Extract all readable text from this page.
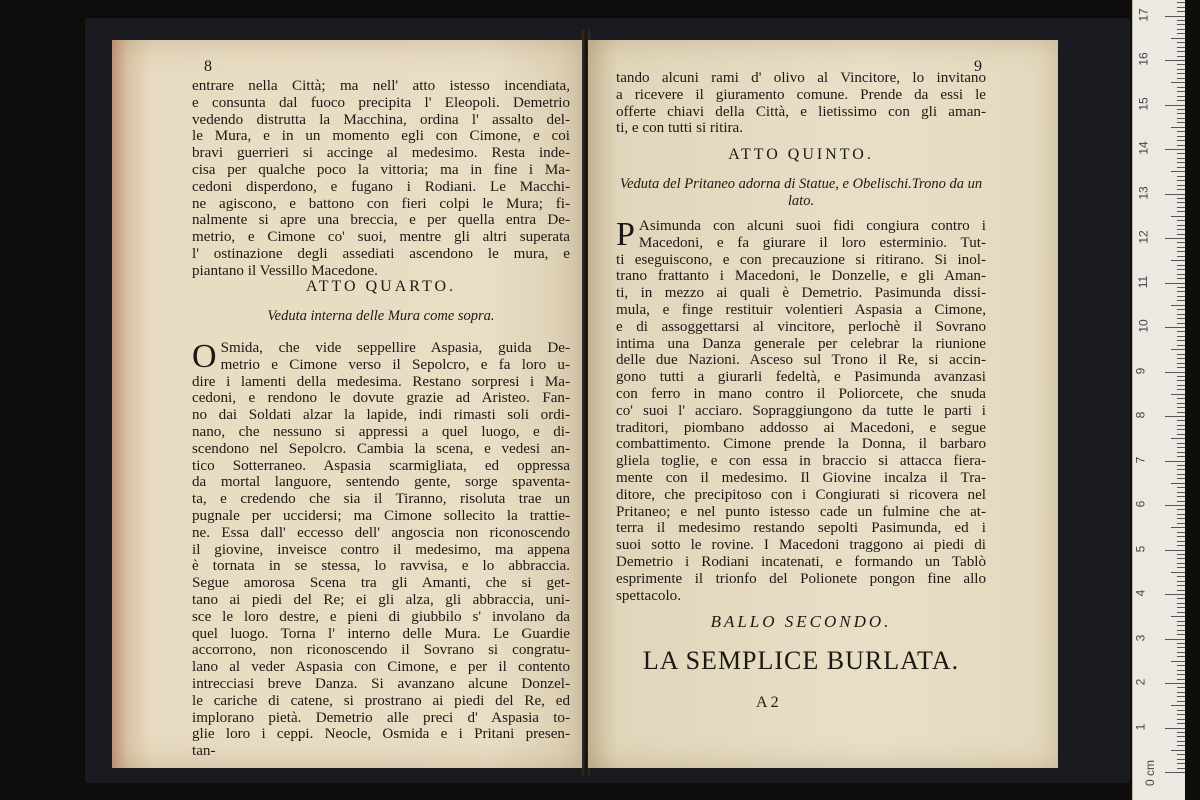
8
entrare nella Città; ma nell' atto istesso incendiata,
e consunta dal fuoco precipita l' Eleopoli. Demetrio
vedendo distrutta la Macchina, ordina l' assalto del-
le Mura, e in un momento egli con Cimone, e coi
bravi guerrieri si accinge al medesimo. Resta inde-
cisa per qualche poco la vittoria; ma in fine i Ma-
cedoni disperdono, e fugano i Rodiani. Le Macchi-
ne agiscono, e battono con fieri colpi le Mura; fi-
nalmente si apre una breccia, e per quella entra De-
metrio, e Cimone co' suoi, mentre gli altri superata
l' ostinazione degli assediati ascendono le mura, e
piantano il Vessillo Macedone.
ATTO QUARTO.
Veduta interna delle Mura come sopra.
O Smida, che vide seppellire Aspasia, guida De-
metrio e Cimone verso il Sepolcro, e fa loro u-
dire i lamenti della medesima. Restano sorpresi i Ma-
cedoni, e rendono le dovute grazie ad Aristeo. Fan-
no dai Soldati alzar la lapide, indi rimasti soli ordi-
nano, che nessuno si appressi a quel luogo, e di-
scendono nel Sepolcro. Cambia la scena, e vedesi an-
tico Sotterraneo. Aspasia scarmigliata, ed oppressa
da mortal languore, sentendo gente, sorge spaventa-
ta, e credendo che sia il Tiranno, risoluta trae un
pugnale per uccidersi; ma Cimone sollecito la trattie-
ne. Essa dall' eccesso dell' angoscia non riconoscendo
il giovine, inveisce contro il medesimo, ma appena
è tornata in se stessa, lo ravvisa, e lo abbraccia.
Segue amorosa Scena tra gli Amanti, che si get-
tano ai piedi del Re; ei gli alza, gli abbraccia, uni-
sce le loro destre, e pieni di giubbilo s' involano da
quel luogo. Torna l' interno delle Mura. Le Guardie
accorrono, non riconoscendo il Sovrano si congratu-
lano al veder Aspasia con Cimone, e per il contento
intrecciasi breve Danza. Si avanzano alcune Donzel-
le cariche di catene, si prostrano ai piedi del Re, ed
implorano pietà. Demetrio alle preci d' Aspasia to-
glie loro i ceppi. Neocle, Osmida e i Pritani presen-
tan-
9
tando alcuni rami d' olivo al Vincitore, lo invitano
a ricevere il giuramento comune. Prende da essi le
offerte chiavi della Città, e lietissimo con gli aman-
ti, e con tutti si ritira.
ATTO QUINTO.
Veduta del Pritaneo adorna di Statue, e Obelischi.Trono da un lato.
P Asimunda con alcuni suoi fidi congiura contro i
Macedoni, e fa giurare il loro esterminio. Tut-
ti eseguiscono, e con precauzione si ritirano. Si inol-
trano frattanto i Macedoni, le Donzelle, e gli Aman-
ti, in mezzo ai quali è Demetrio. Pasimunda dissi-
mula, e finge restituir volentieri Aspasia a Cimone,
e di assoggettarsi al vincitore, perlochè il Sovrano
intima una Danza generale per celebrar la riunione
delle due Nazioni. Asceso sul Trono il Re, si accin-
gono tutti a giurarli fedeltà, e Pasimunda avanzasi
con ferro in mano contro il Poliorcete, che snuda
co' suoi l' acciaro. Sopraggiungono da tutte le parti i
traditori, piombano addosso ai Macedoni, e segue
combattimento. Cimone prende la Donna, il barbaro
gliela toglie, e con essa in braccio si attacca fiera-
mente con il medesimo. Il Giovine incalza il Tra-
ditore, che precipitoso con i Congiurati si ricovera nel
Pritaneo; e nel punto istesso cade un fulmine che at-
terra il medesimo restando sepolti Pasimunda, ed i
suoi sotto le rovine. I Macedoni traggono ai piedi di
Demetrio i Rodiani incatenati, e formando un Tablò
esprimente il trionfo del Polionete pongon fine allo
spettacolo.
BALLO SECONDO.
LA SEMPLICE BURLATA.
A 2
0 cm
1
2
3
4
5
6
7
8
9
10
11
12
13
14
15
16
17
